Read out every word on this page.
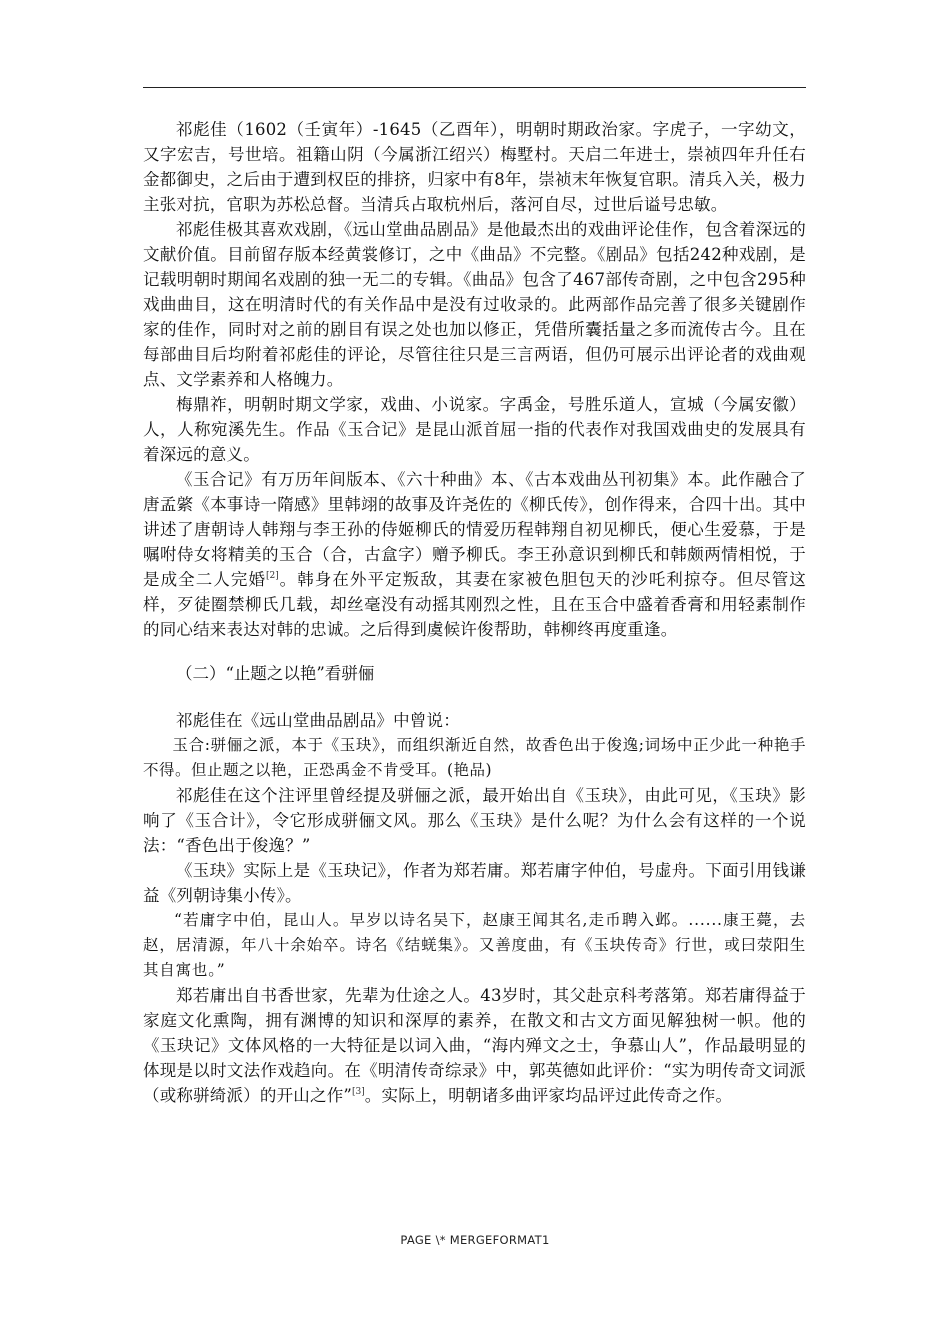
祁彪佳（1602（壬寅年）-1645（乙酉年），明朝时期政治家。字虎子，一字幼文，又字宏吉，号世培。祖籍山阴（今属浙江绍兴）梅墅村。天启二年进士，崇祯四年升任右金都御史，之后由于遭到权臣的排挤，归家中有8年，崇祯末年恢复官职。清兵入关，极力主张对抗，官职为苏松总督。当清兵占取杭州后，落河自尽，过世后谥号忠敏。

祁彪佳极其喜欢戏剧，《远山堂曲品剧品》是他最杰出的戏曲评论佳作，包含着深远的文献价值。目前留存版本经黄裳修订，之中《曲品》不完整。《剧品》包括242种戏剧，是记载明朝时期闻名戏剧的独一无二的专辑。《曲品》包含了467部传奇剧，之中包含295种戏曲曲目，这在明清时代的有关作品中是没有过收录的。此两部作品完善了很多关键剧作家的佳作，同时对之前的剧目有误之处也加以修正，凭借所囊括量之多而流传古今。且在每部曲目后均附着祁彪佳的评论，尽管往往只是三言两语，但仍可展示出评论者的戏曲观点、文学素养和人格魄力。

梅鼎祚，明朝时期文学家，戏曲、小说家。字禹金，号胜乐道人，宣城（今属安徽）人，人称宛溪先生。作品《玉合记》是昆山派首屈一指的代表作对我国戏曲史的发展具有着深远的意义。

《玉合记》有万历年间版本、《六十种曲》本、《古本戏曲丛刊初集》本。此作融合了唐孟綮《本事诗一隋感》里韩翊的故事及许尧佐的《柳氏传》，创作得来，合四十出。其中讲述了唐朝诗人韩翔与李王孙的侍姬柳氏的情爱历程韩翔自初见柳氏，便心生爱慕，于是嘱咐侍女将精美的玉合（合，古盒字）赠予柳氏。李王孙意识到柳氏和韩颇两情相悦，于是成全二人完婚[2]。韩身在外平定叛敌，其妻在家被色胆包天的沙吒利掠夺。但尽管这样，歹徒圈禁柳氏几载，却丝毫没有动摇其刚烈之性，且在玉合中盛着香膏和用轻素制作的同心结来表达对韩的忠诚。之后得到虞候许俊帮助，韩柳终再度重逢。

（二）“止题之以艳”看骈俪

祁彪佳在《远山堂曲品剧品》中曾说：

玉合:骈俪之派，本于《玉玦》，而组织渐近自然，故香色出于俊逸;词场中正少此一种艳手不得。但止题之以艳，正恐禹金不肯受耳。(艳品)

祁彪佳在这个注评里曾经提及骈俪之派，最开始出自《玉玦》，由此可见，《玉玦》影响了《玉合计》，令它形成骈俪文风。那么《玉玦》是什么呢？为什么会有这样的一个说法：“香色出于俊逸？”

《玉玦》实际上是《玉玦记》，作者为郑若庸。郑若庸字仲伯，号虚舟。下面引用钱谦益《列朝诗集小传》。

“若庸字中伯，昆山人。早岁以诗名吴下，赵康王闻其名,走币聘入邺。......康王薨，去赵，居清源，年八十余始卒。诗名《结蜣集》。又善度曲，有《玉块传奇》行世，或曰荥阳生其自寓也。”

郑若庸出自书香世家，先辈为仕途之人。43岁时，其父赴京科考落第。郑若庸得益于家庭文化熏陶，拥有渊博的知识和深厚的素养，在散文和古文方面见解独树一帜。他的《玉玦记》文体风格的一大特征是以词入曲，“海内殚文之士，争慕山人”，作品最明显的体现是以时文法作戏趋向。在《明清传奇综录》中，郭英德如此评价：“实为明传奇文词派（或称骈绮派）的开山之作”[3]。实际上，明朝诸多曲评家均品评过此传奇之作。

PAGE \* MERGEFORMAT1
